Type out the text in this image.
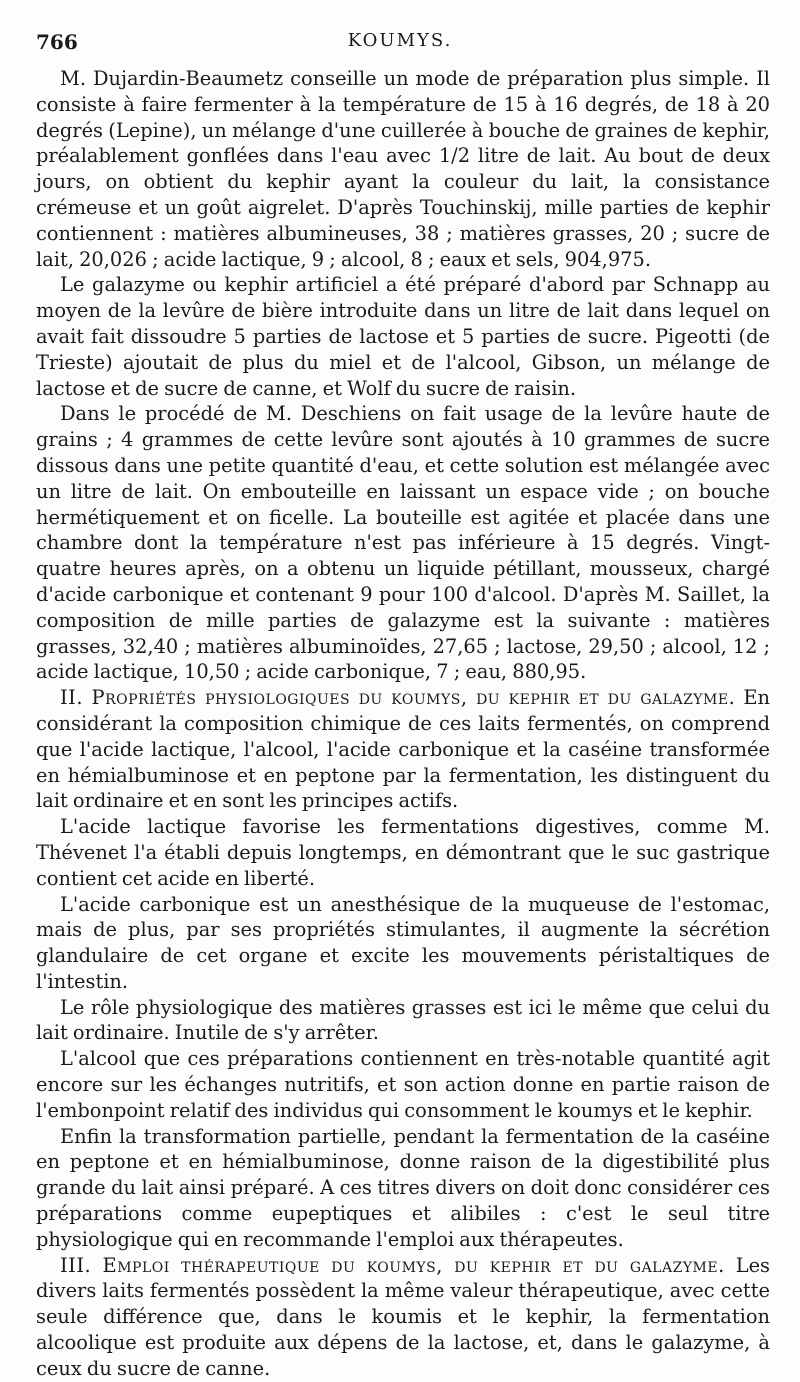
766	KOUMYS.

M. Dujardin-Beaumetz conseille un mode de préparation plus simple. Il consiste à faire fermenter à la température de 15 à 16 degrés, de 18 à 20 degrés (Lepine), un mélange d'une cuillerée à bouche de graines de kephir, préalablement gonflées dans l'eau avec 1/2 litre de lait. Au bout de deux jours, on obtient du kephir ayant la couleur du lait, la consistance crémeuse et un goût aigrelet. D'après Touchinskij, mille parties de kephir contiennent : matières albumineuses, 38 ; matières grasses, 20 ; sucre de lait, 20,026 ; acide lactique, 9 ; alcool, 8 ; eaux et sels, 904,975.

Le galazyme ou kephir artificiel a été préparé d'abord par Schnapp au moyen de la levûre de bière introduite dans un litre de lait dans lequel on avait fait dissoudre 5 parties de lactose et 5 parties de sucre. Pigeotti (de Trieste) ajoutait de plus du miel et de l'alcool, Gibson, un mélange de lactose et de sucre de canne, et Wolf du sucre de raisin.

Dans le procédé de M. Deschiens on fait usage de la levûre haute de grains ; 4 grammes de cette levûre sont ajoutés à 10 grammes de sucre dissous dans une petite quantité d'eau, et cette solution est mélangée avec un litre de lait. On embouteille en laissant un espace vide ; on bouche hermétiquement et on ficelle. La bouteille est agitée et placée dans une chambre dont la température n'est pas inférieure à 15 degrés. Vingt-quatre heures après, on a obtenu un liquide pétillant, mousseux, chargé d'acide carbonique et contenant 9 pour 100 d'alcool. D'après M. Saillet, la composition de mille parties de galazyme est la suivante : matières grasses, 32,40 ; matières albuminoïdes, 27,65 ; lactose, 29,50 ; alcool, 12 ; acide lactique, 10,50 ; acide carbonique, 7 ; eau, 880,95.

II. Propriétés physiologiques du koumys, du kephir et du galazyme. En considérant la composition chimique de ces laits fermentés, on comprend que l'acide lactique, l'alcool, l'acide carbonique et la caséine transformée en hémialbuminose et en peptone par la fermentation, les distinguent du lait ordinaire et en sont les principes actifs.

L'acide lactique favorise les fermentations digestives, comme M. Thévenet l'a établi depuis longtemps, en démontrant que le suc gastrique contient cet acide en liberté.

L'acide carbonique est un anesthésique de la muqueuse de l'estomac, mais de plus, par ses propriétés stimulantes, il augmente la sécrétion glandulaire de cet organe et excite les mouvements péristaltiques de l'intestin.

Le rôle physiologique des matières grasses est ici le même que celui du lait ordinaire. Inutile de s'y arrêter.

L'alcool que ces préparations contiennent en très-notable quantité agit encore sur les échanges nutritifs, et son action donne en partie raison de l'embonpoint relatif des individus qui consomment le koumys et le kephir.

Enfin la transformation partielle, pendant la fermentation de la caséine en peptone et en hémialbuminose, donne raison de la digestibilité plus grande du lait ainsi préparé. A ces titres divers on doit donc considérer ces préparations comme eupeptiques et alibiles : c'est le seul titre physiologique qui en recommande l'emploi aux thérapeutes.

III. Emploi thérapeutique du koumys, du kephir et du galazyme. Les divers laits fermentés possèdent la même valeur thérapeutique, avec cette seule différence que, dans le koumis et le kephir, la fermentation alcoolique est produite aux dépens de la lactose, et, dans le galazyme, à ceux du sucre de canne.
